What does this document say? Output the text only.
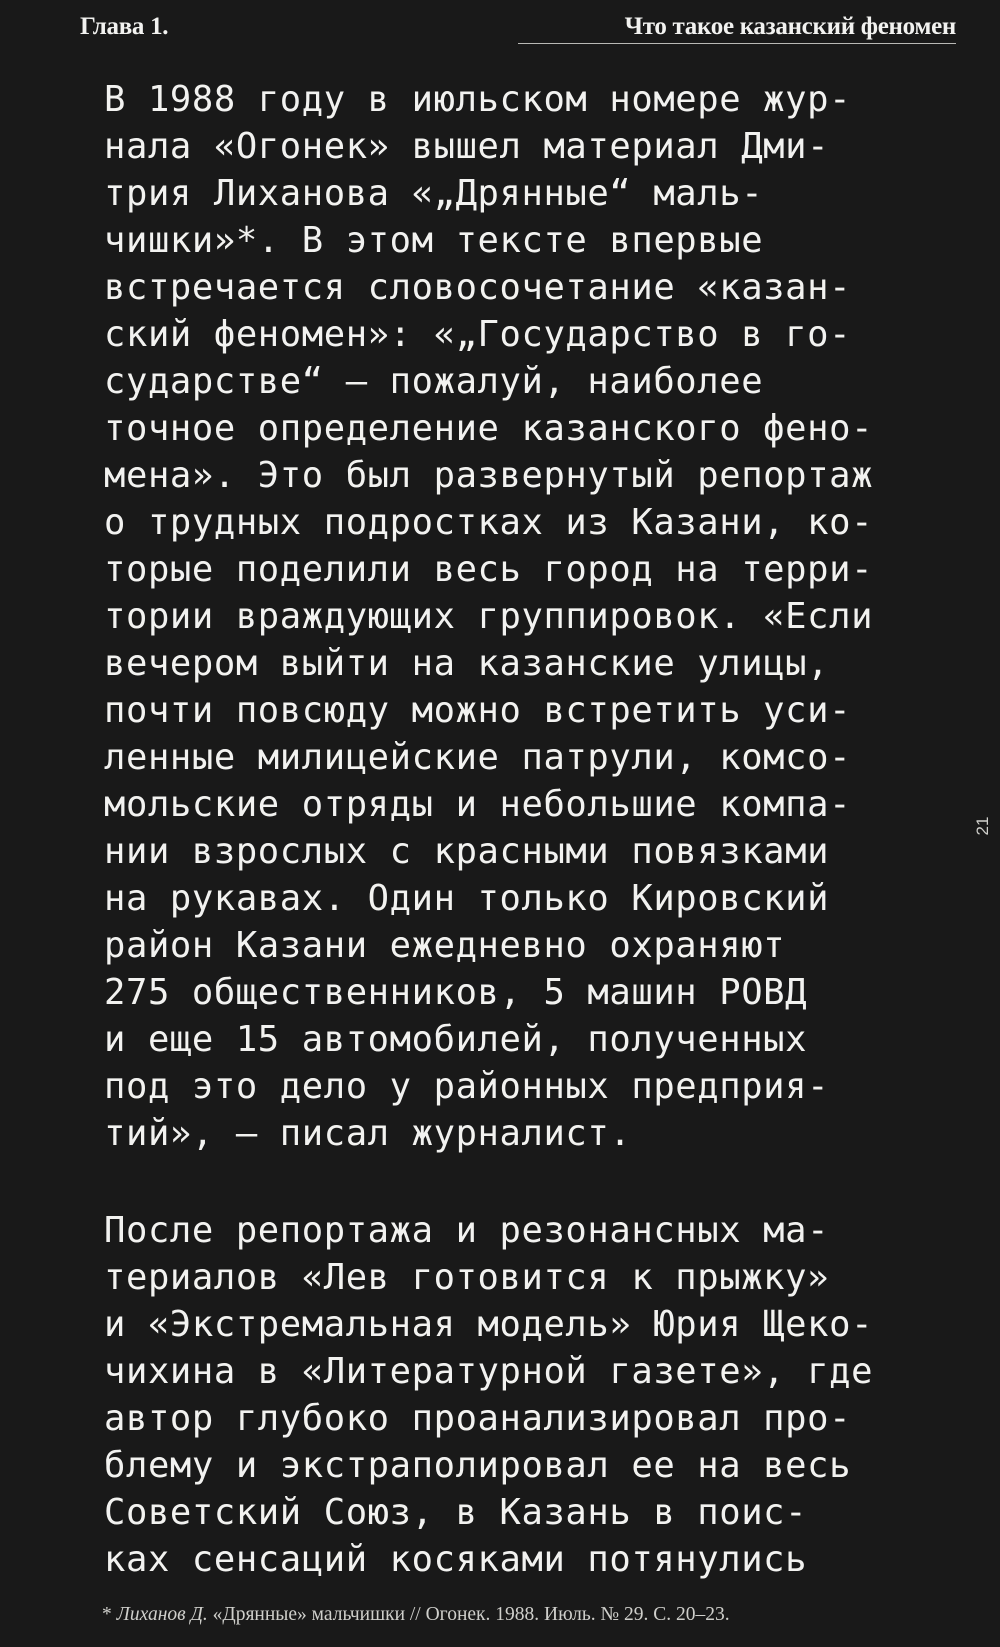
Глава 1.	Что такое казанский феномен
21
В 1988 году в июльском номере жур-
нала «Огонек» вышел материал Дми-
трия Лиханова «„Дрянные“ маль-
чишки»*. В этом тексте впервые
встречается словосочетание «казан-
ский феномен»: «„Государство в го-
сударстве“ — пожалуй, наиболее
точное определение казанского фено-
мена». Это был развернутый репортаж
о трудных подростках из Казани, ко-
торые поделили весь город на терри-
тории враждующих группировок. «Если
вечером выйти на казанские улицы,
почти повсюду можно встретить уси-
ленные милицейские патрули, комсо-
мольские отряды и небольшие компа-
нии взрослых с красными повязками
на рукавах. Один только Кировский
район Казани ежедневно охраняют
275 общественников, 5 машин РОВД
и еще 15 автомобилей, полученных
под это дело у районных предприя-
тий», — писал журналист.
После репортажа и резонансных ма-
териалов «Лев готовится к прыжку»
и «Экстремальная модель» Юрия Щеко-
чихина в «Литературной газете», где
автор глубоко проанализировал про-
блему и экстраполировал ее на весь
Советский Союз, в Казань в поис-
ках сенсаций косяками потянулись
* Лиханов Д. «Дрянные» мальчишки // Огонек. 1988. Июль. № 29. С. 20–23.
